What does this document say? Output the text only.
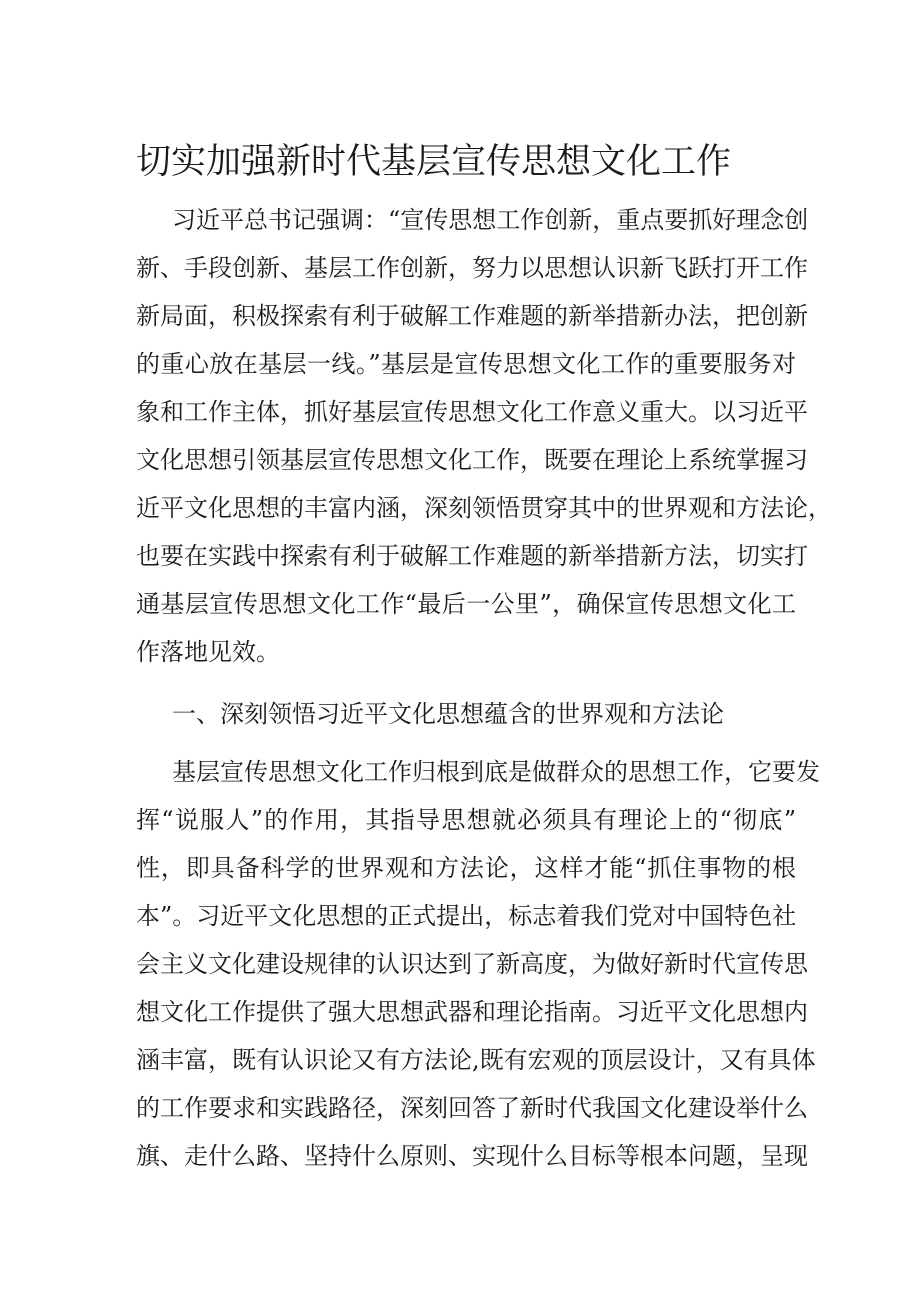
切实加强新时代基层宣传思想文化工作
习近平总书记强调：“宣传思想工作创新，重点要抓好理念创
新、手段创新、基层工作创新，努力以思想认识新飞跃打开工作
新局面，积极探索有利于破解工作难题的新举措新办法，把创新
的重心放在基层一线。”基层是宣传思想文化工作的重要服务对
象和工作主体，抓好基层宣传思想文化工作意义重大。以习近平
文化思想引领基层宣传思想文化工作，既要在理论上系统掌握习
近平文化思想的丰富内涵，深刻领悟贯穿其中的世界观和方法论，
也要在实践中探索有利于破解工作难题的新举措新方法，切实打
通基层宣传思想文化工作“最后一公里”，确保宣传思想文化工
作落地见效。
一、深刻领悟习近平文化思想蕴含的世界观和方法论
基层宣传思想文化工作归根到底是做群众的思想工作，它要发
挥“说服人”的作用，其指导思想就必须具有理论上的“彻底”
性，即具备科学的世界观和方法论，这样才能“抓住事物的根
本”。习近平文化思想的正式提出，标志着我们党对中国特色社
会主义文化建设规律的认识达到了新高度，为做好新时代宣传思
想文化工作提供了强大思想武器和理论指南。习近平文化思想内
涵丰富，既有认识论又有方法论,既有宏观的顶层设计，又有具体
的工作要求和实践路径，深刻回答了新时代我国文化建设举什么
旗、走什么路、坚持什么原则、实现什么目标等根本问题，呈现
